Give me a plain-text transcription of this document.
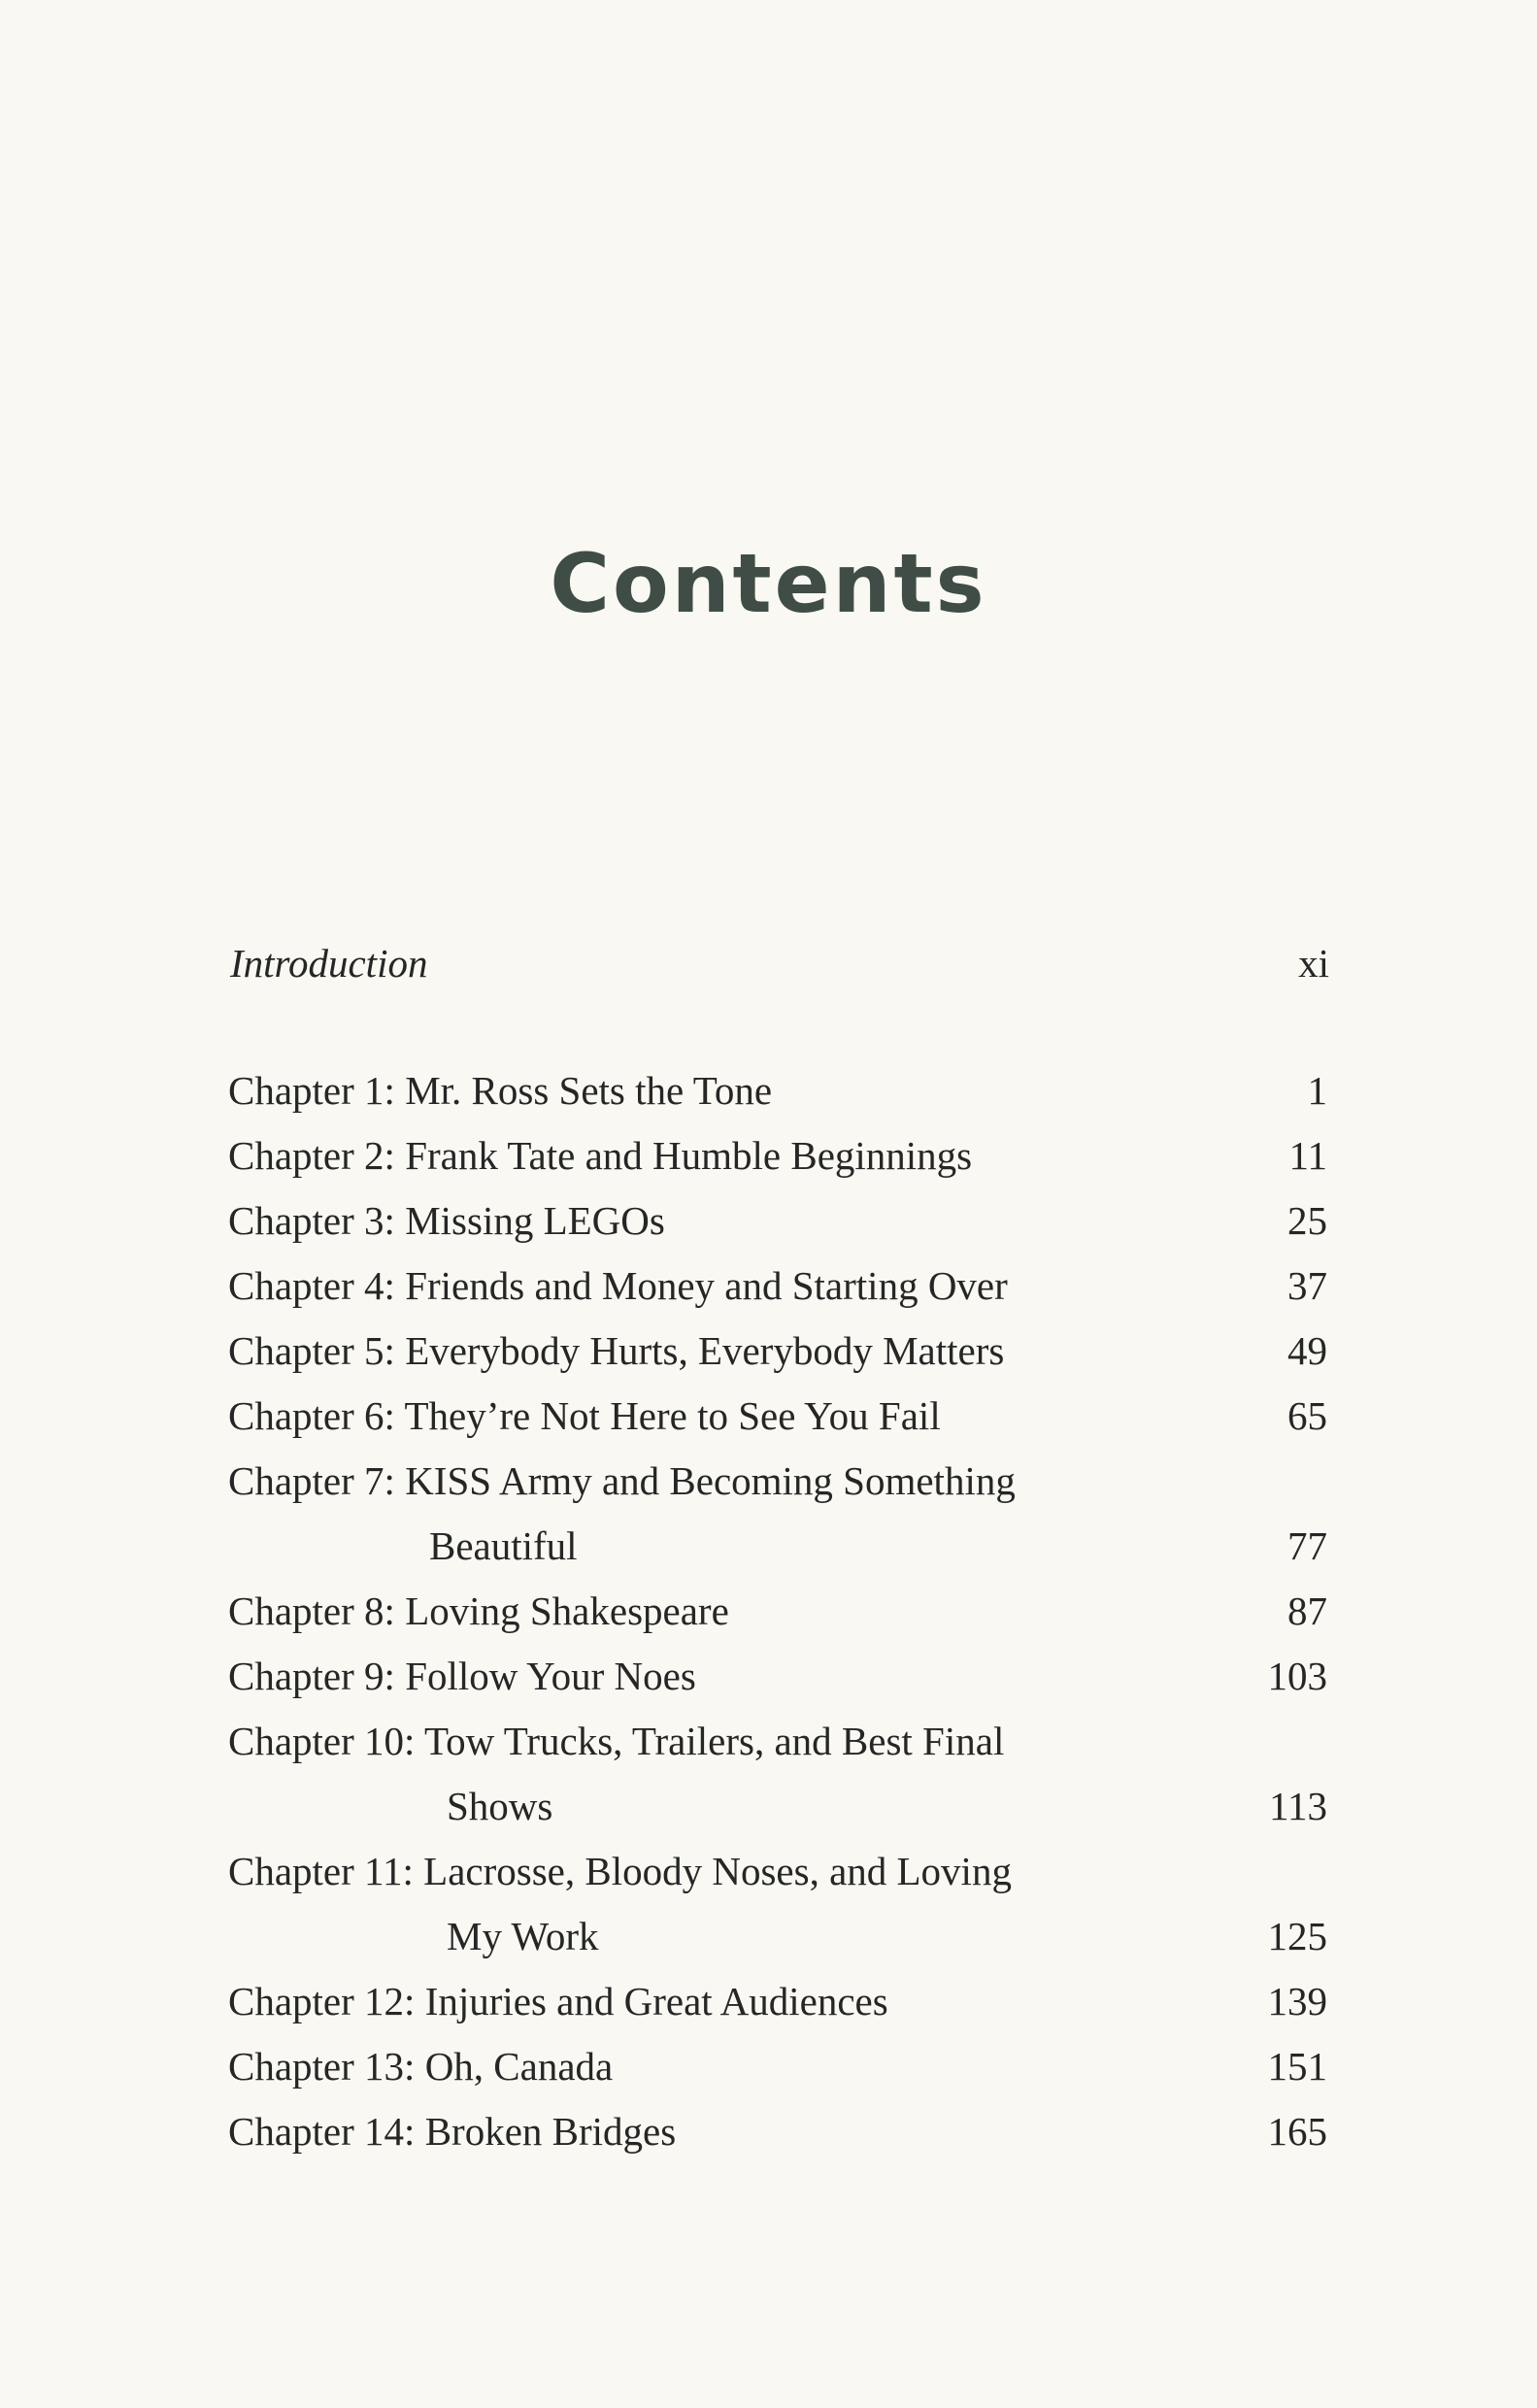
Contents
Introduction	xi
Chapter 1: Mr. Ross Sets the Tone	1
Chapter 2: Frank Tate and Humble Beginnings	11
Chapter 3: Missing LEGOs	25
Chapter 4: Friends and Money and Starting Over	37
Chapter 5: Everybody Hurts, Everybody Matters	49
Chapter 6: They’re Not Here to See You Fail	65
Chapter 7: KISS Army and Becoming Something
Beautiful	77
Chapter 8: Loving Shakespeare	87
Chapter 9: Follow Your Noes	103
Chapter 10: Tow Trucks, Trailers, and Best Final
Shows	113
Chapter 11: Lacrosse, Bloody Noses, and Loving
My Work	125
Chapter 12: Injuries and Great Audiences	139
Chapter 13: Oh, Canada	151
Chapter 14: Broken Bridges	165
